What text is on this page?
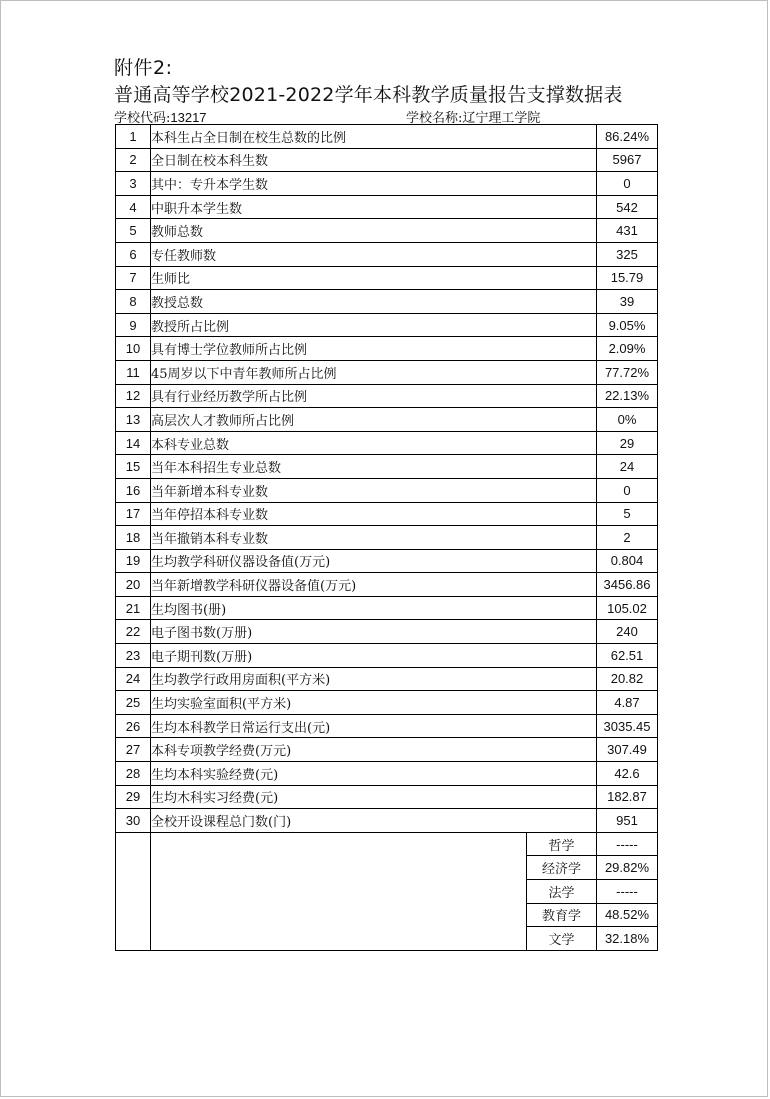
附件2:
普通高等学校2021-2022学年本科教学质量报告支撑数据表
学校代码:13217	学校名称:辽宁理工学院
1	本科生占全日制在校生总数的比例		86.24%
2	全日制在校本科生数		5967
3	其中：专升本学生数		0
4	中职升本学生数		542
5	教师总数		431
6	专任教师数		325
7	生师比		15.79
8	教授总数		39
9	教授所占比例		9.05%
10	具有博士学位教师所占比例		2.09%
11	45周岁以下中青年教师所占比例		77.72%
12	具有行业经历教学所占比例		22.13%
13	高层次人才教师所占比例		0%
14	本科专业总数		29
15	当年本科招生专业总数		24
16	当年新增本科专业数		0
17	当年停招本科专业数		5
18	当年撤销本科专业数		2
19	生均教学科研仪器设备值(万元)		0.804
20	当年新增教学科研仪器设备值(万元)		3456.86
21	生均图书(册)		105.02
22	电子图书数(万册)		240
23	电子期刊数(万册)		62.51
24	生均教学行政用房面积(平方米)		20.82
25	生均实验室面积(平方米)		4.87
26	生均本科教学日常运行支出(元)		3035.45
27	本科专项教学经费(万元)		307.49
28	生均本科实验经费(元)		42.6
29	生均木科实习经费(元)		182.87
30	全校开设课程总门数(门)		951
		哲学	-----
		经济学	29.82%
		法学	-----
		教育学	48.52%
		文学	32.18%
